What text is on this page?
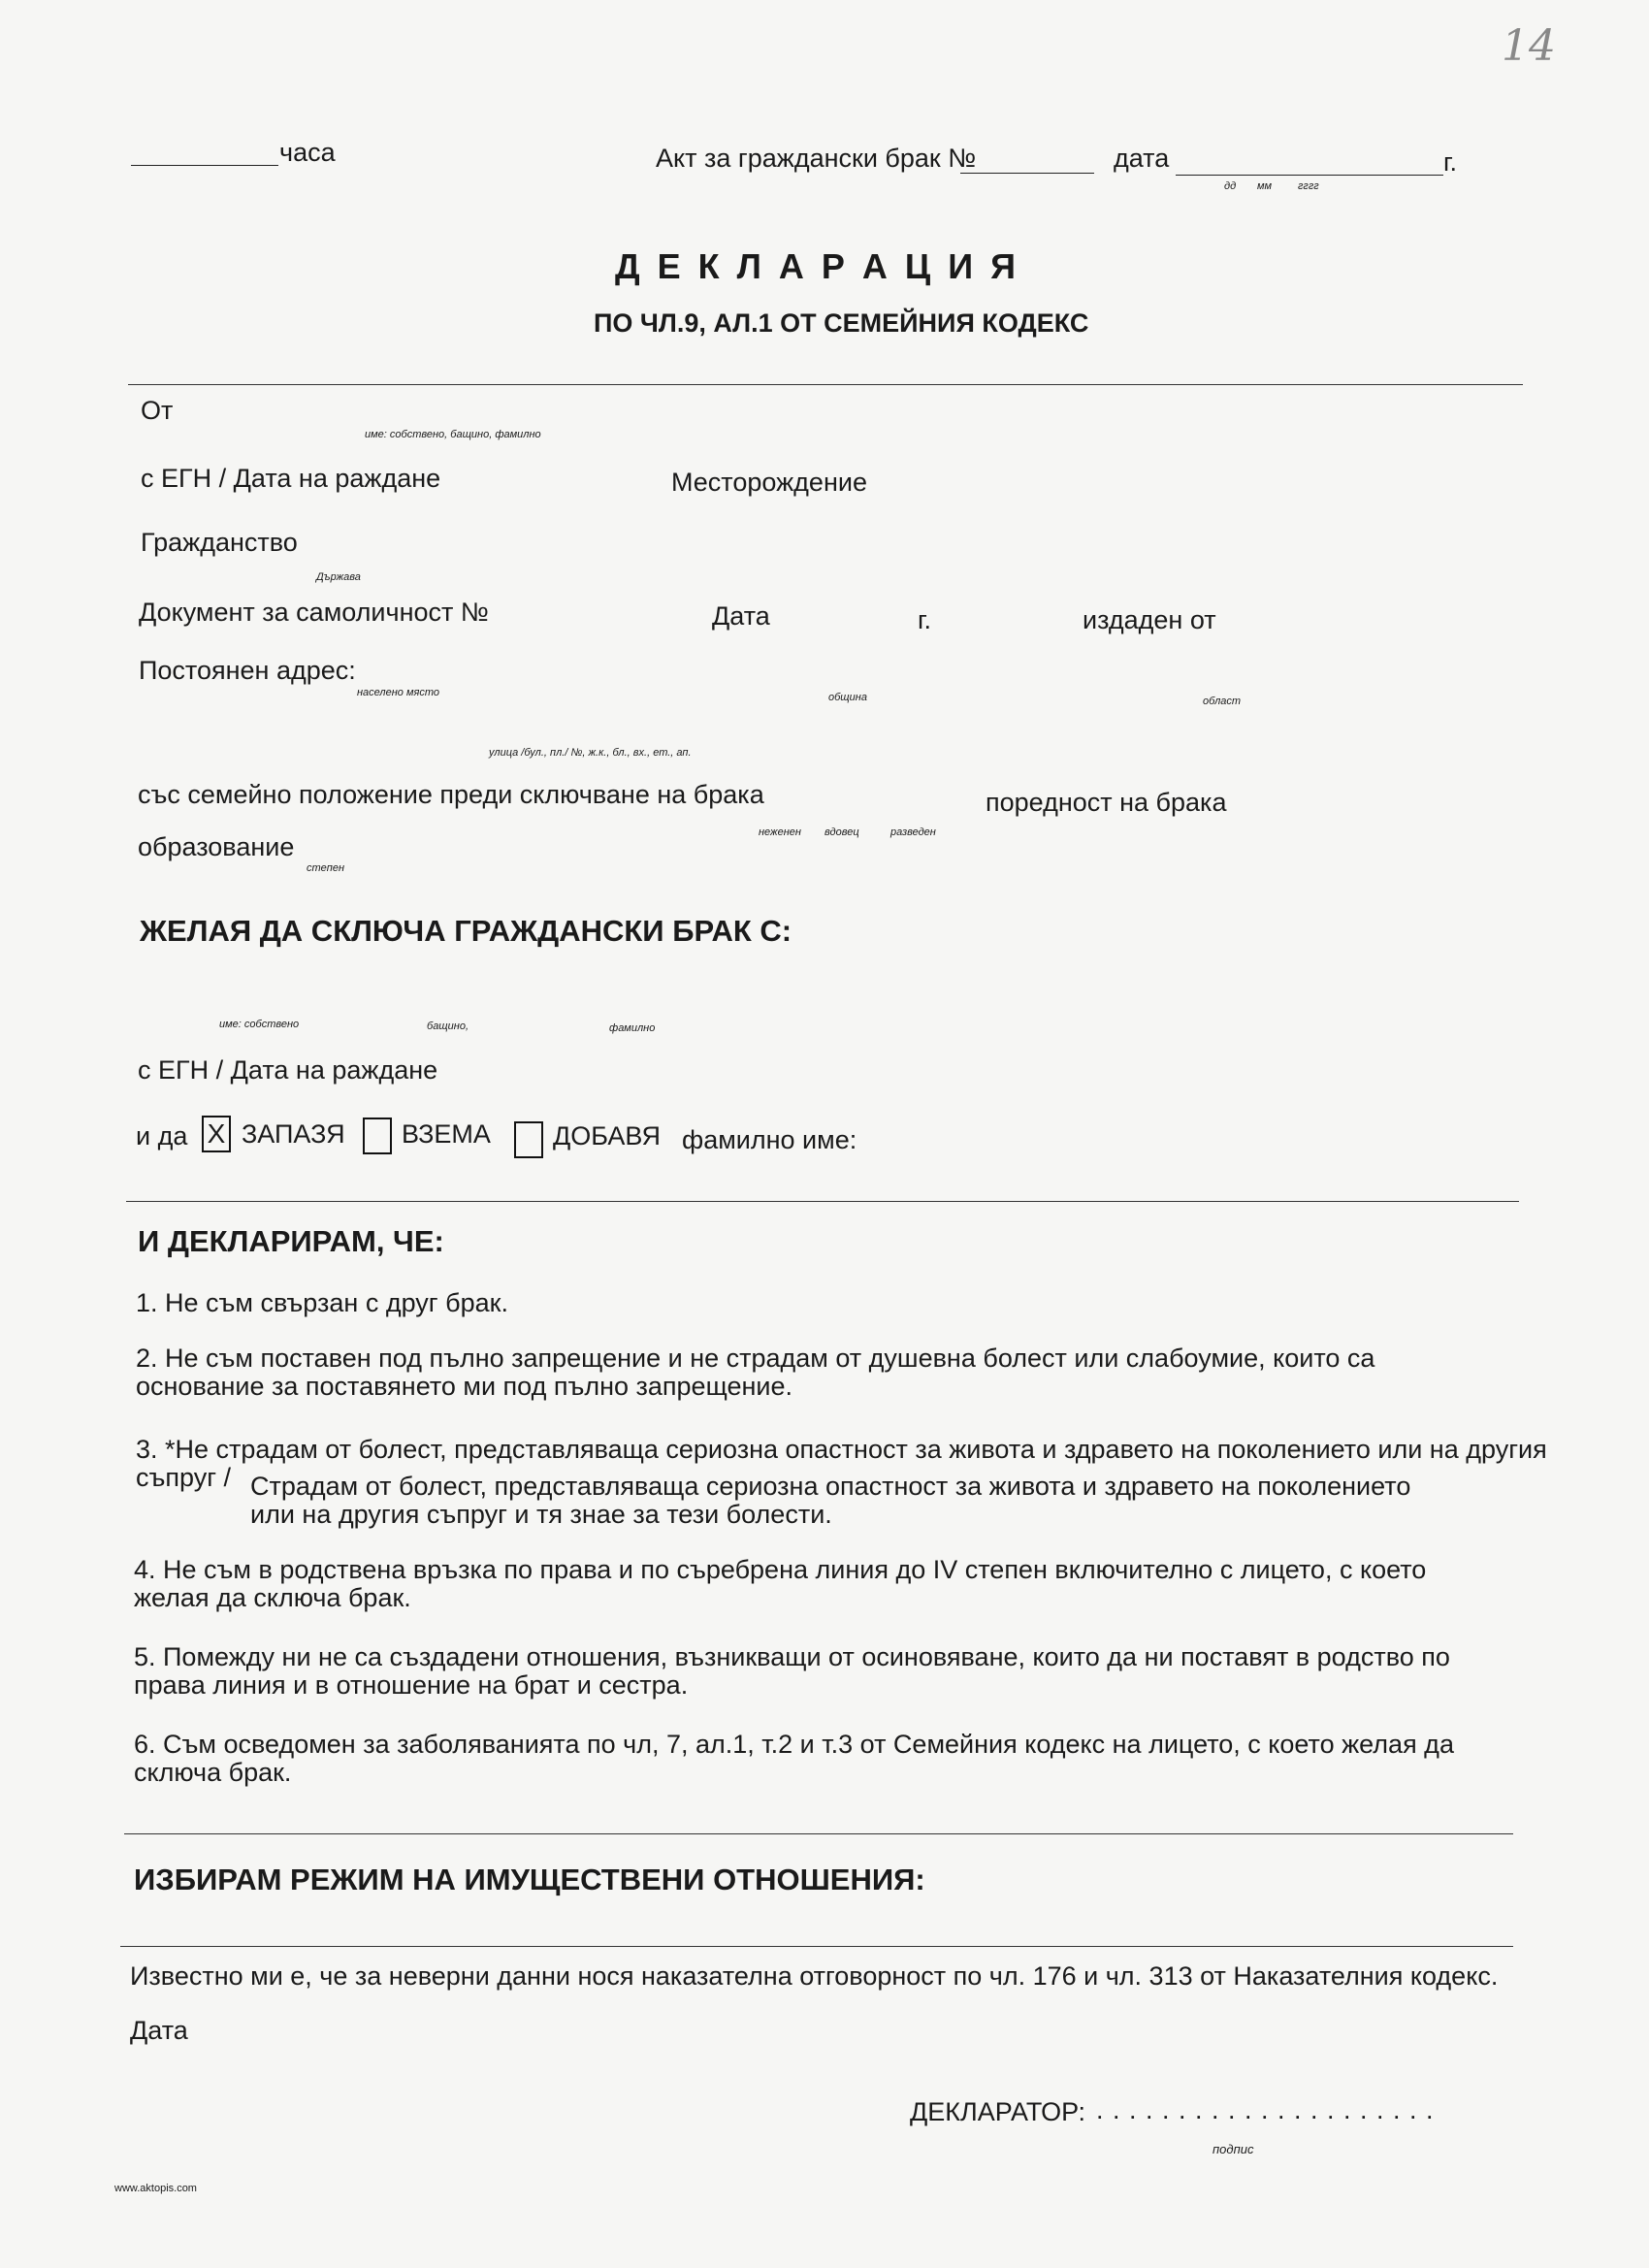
14
часа	Акт за граждански брак №	дата	г.
дд мм гггг
Д Е К Л А Р А Ц И Я
ПО ЧЛ.9, АЛ.1 ОТ СЕМЕЙНИЯ КОДЕКС
От
име: собствено, бащино, фамилно
с ЕГН / Дата на раждане	Месторождение
Гражданство
Държава
Документ за самоличност №	Дата	г.	издаден от
Постоянен адрес:
населено място	община	област
улица /бул., пл./ №, ж.к., бл., вх., ет., ап.
със семейно положение преди сключване на брака	поредност на брака
неженен вдовец	разведен
образование
степен
ЖЕЛАЯ ДА СКЛЮЧА ГРАЖДАНСКИ БРАК С:
име: собствено	бащино,	фамилно
с ЕГН / Дата на раждане
и да X ЗАПАЗЯ ВЗЕМА ДОБАВЯ фамилно име:
И ДЕКЛАРИРАМ, ЧЕ:
1. Не съм свързан с друг брак.
2. Не съм поставен под пълно запрещение и не страдам от душевна болест или слабоумие, които са основание за поставянето ми под пълно запрещение.
3. *Не страдам от болест, представляваща сериозна опастност за живота и здравето на поколението или на другия
съпруг / Страдам от болест, представляваща сериозна опастност за живота и здравето на поколението или на другия съпруг и тя знае за тези болести.
4. Не съм в родствена връзка по права и по съребрена линия до IV степен включително с лицето, с което желая да сключа брак.
5. Помежду ни не са създадени отношения, възникващи от осиновяване, които да ни поставят в родство по права линия и в отношение на брат и сестра.
6. Съм осведомен за заболяванията по чл, 7, ал.1, т.2 и т.3 от Семейния кодекс на лицето, с което желая да сключа брак.
ИЗБИРАМ РЕЖИМ НА ИМУЩЕСТВЕНИ ОТНОШЕНИЯ:
Известно ми е, че за неверни данни нося наказателна отговорност по чл. 176 и чл. 313 от Наказателния кодекс.
Дата
ДЕКЛАРАТОР: . . . . . . . . . . . . . . . . . . . . .
подпис
www.aktopis.com
